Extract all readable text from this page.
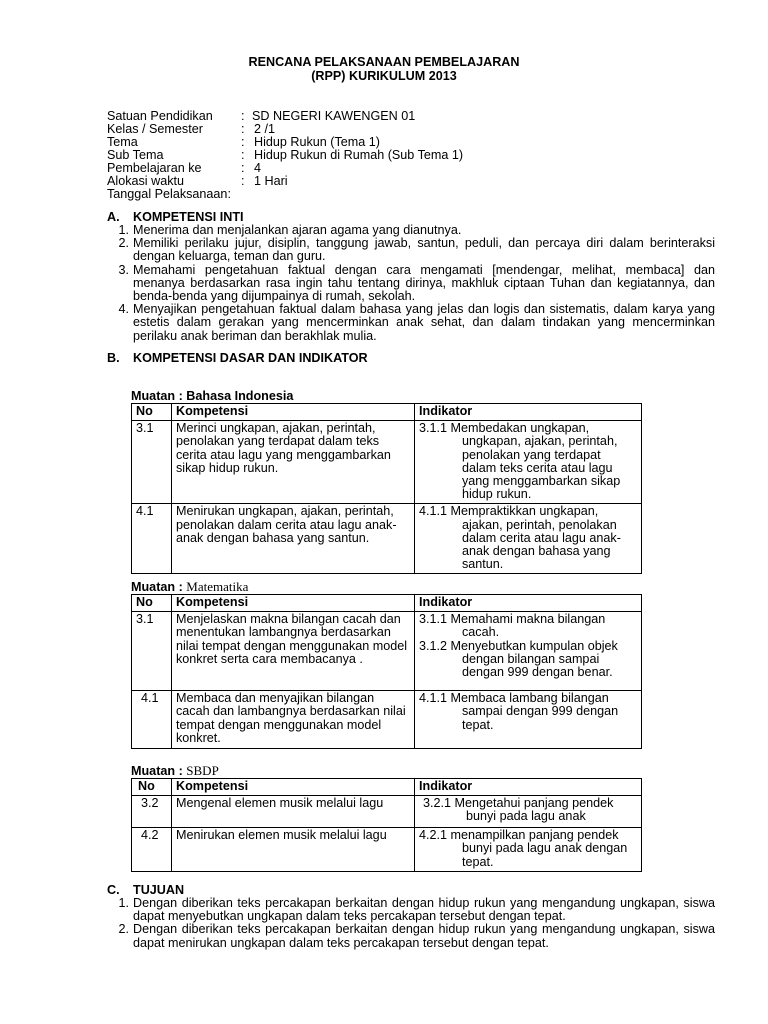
RENCANA PELAKSANAAN PEMBELAJARAN
(RPP) KURIKULUM 2013
Satuan Pendidikan	: SD NEGERI KAWENGEN 01
Kelas / Semester	: 2 /1
Tema	: Hidup Rukun (Tema 1)
Sub Tema	: Hidup Rukun di Rumah (Sub Tema 1)
Pembelajaran ke	: 4
Alokasi waktu	: 1 Hari
Tanggal Pelaksanaan :
A. KOMPETENSI INTI
1. Menerima dan menjalankan ajaran agama yang dianutnya.
2. Memiliki perilaku jujur, disiplin, tanggung jawab, santun, peduli, dan percaya diri dalam berinteraksi dengan keluarga, teman dan guru.
3. Memahami pengetahuan faktual dengan cara mengamati [mendengar, melihat, membaca] dan menanya berdasarkan rasa ingin tahu tentang dirinya, makhluk ciptaan Tuhan dan kegiatannya, dan benda-benda yang dijumpainya di rumah, sekolah.
4. Menyajikan pengetahuan faktual dalam bahasa yang jelas dan logis dan sistematis, dalam karya yang estetis dalam gerakan yang mencerminkan anak sehat, dan dalam tindakan yang mencerminkan perilaku anak beriman dan berakhlak mulia.
B. KOMPETENSI DASAR DAN INDIKATOR
Muatan : Bahasa Indonesia
No	Kompetensi	Indikator
3.1	Merinci ungkapan, ajakan, perintah, penolakan yang terdapat dalam teks cerita atau lagu yang menggambarkan sikap hidup rukun.	3.1.1 Membedakan ungkapan, ungkapan, ajakan, perintah, penolakan yang terdapat dalam teks cerita atau lagu yang menggambarkan sikap hidup rukun.

4.1	Menirukan ungkapan, ajakan, perintah, penolakan dalam cerita atau lagu anak-anak dengan bahasa yang santun.	4.1.1 Mempraktikkan ungkapan, ajakan, perintah, penolakan dalam cerita atau lagu anak-anak dengan bahasa yang santun.
Muatan : Matematika
No	Kompetensi	Indikator
3.1	Menjelaskan makna bilangan cacah dan menentukan lambangnya berdasarkan nilai tempat dengan menggunakan model konkret serta cara membacanya .	3.1.1 Memahami makna bilangan cacah.
3.1.2 Menyebutkan kumpulan objek dengan bilangan sampai dengan 999 dengan benar.

4.1	Membaca dan menyajikan bilangan cacah dan lambangnya berdasarkan nilai tempat dengan menggunakan model konkret.	4.1.1 Membaca lambang bilangan sampai dengan 999 dengan tepat.
Muatan : SBDP
No	Kompetensi	Indikator
3.2	Mengenal elemen musik melalui lagu	3.2.1 Mengetahui panjang pendek bunyi pada lagu anak

4.2	Menirukan elemen musik melalui lagu	4.2.1 menampilkan panjang pendek bunyi pada lagu anak dengan tepat.
C. TUJUAN
1. Dengan diberikan teks percakapan berkaitan dengan hidup rukun yang mengandung ungkapan, siswa dapat menyebutkan ungkapan dalam teks percakapan tersebut dengan tepat.
2. Dengan diberikan teks percakapan berkaitan dengan hidup rukun yang mengandung ungkapan, siswa dapat menirukan ungkapan dalam teks percakapan tersebut dengan tepat.
